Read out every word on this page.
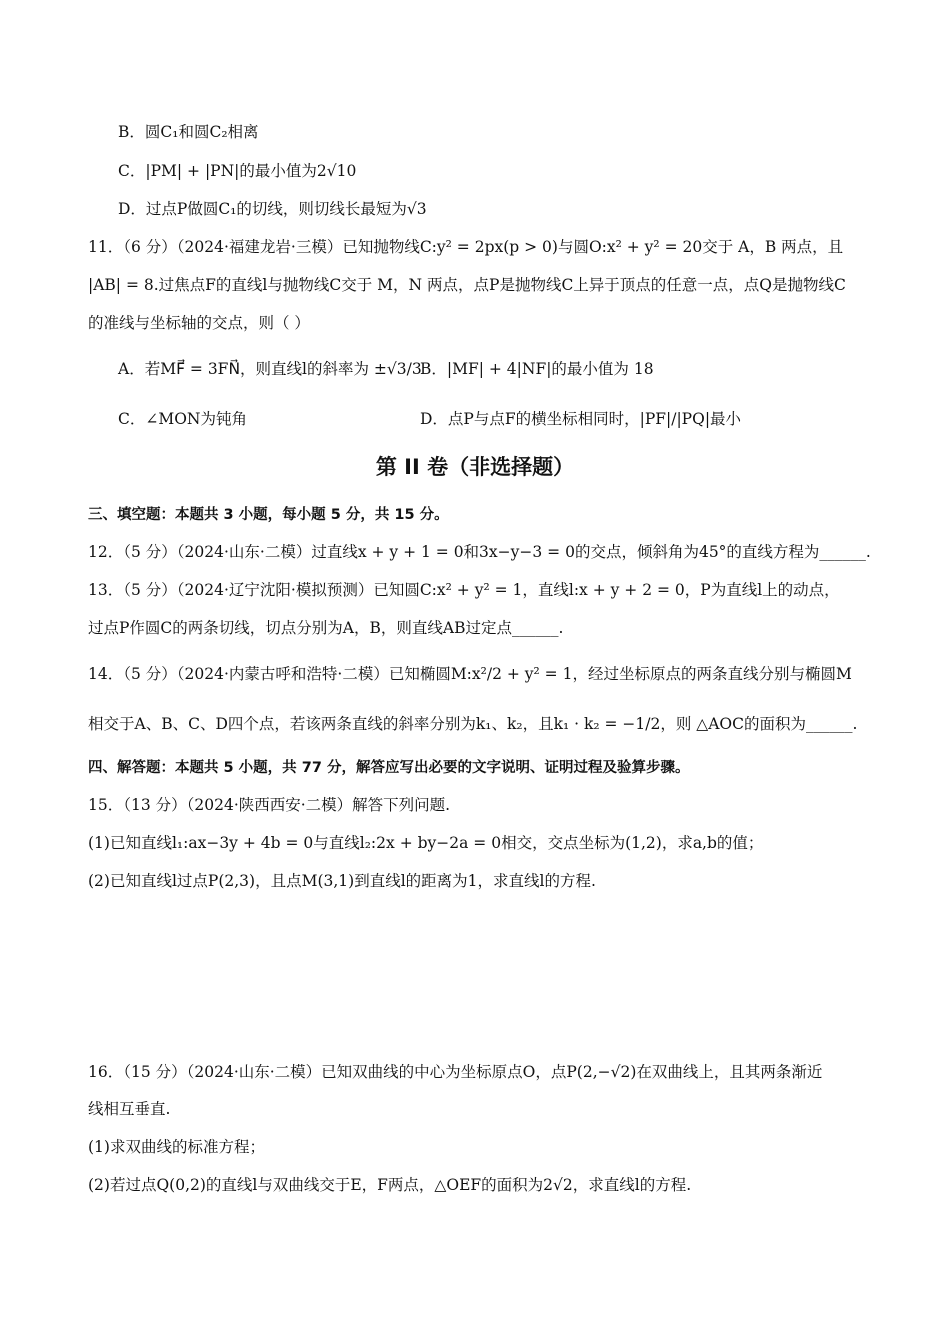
B．圆C₁和圆C₂相离
C．|PM| + |PN|的最小值为2√10
D．过点P做圆C₁的切线，则切线长最短为√3
11．（6 分）（2024·福建龙岩·三模）已知抛物线C:y² = 2px(p > 0)与圆O:x² + y² = 20交于 A，B 两点，且
|AB| = 8.过焦点F的直线l与抛物线C交于 M，N 两点，点P是抛物线C上异于顶点的任意一点，点Q是抛物线C
的准线与坐标轴的交点，则（ ）
A．若MF⃗ = 3FN⃗，则直线l的斜率为 ±√3/3
B．|MF| + 4|NF|的最小值为 18
C．∠MON为钝角	D．点P与点F的横坐标相同时，|PF|/|PQ|最小
第 II 卷（非选择题）
三、填空题：本题共 3 小题，每小题 5 分，共 15 分。
12．（5 分）（2024·山东·二模）过直线x + y + 1 = 0和3x−y−3 = 0的交点，倾斜角为45°的直线方程为______.
13．（5 分）（2024·辽宁沈阳·模拟预测）已知圆C:x² + y² = 1，直线l:x + y + 2 = 0，P为直线l上的动点，
过点P作圆C的两条切线，切点分别为A，B，则直线AB过定点______.
14．（5 分）（2024·内蒙古呼和浩特·二模）已知椭圆M:x²/2 + y² = 1，经过坐标原点的两条直线分别与椭圆M
相交于A、B、C、D四个点，若该两条直线的斜率分别为k₁、k₂，且k₁ · k₂ = −1/2，则 △AOC的面积为______.
四、解答题：本题共 5 小题，共 77 分，解答应写出必要的文字说明、证明过程及验算步骤。
15．（13 分）（2024·陕西西安·二模）解答下列问题.
(1)已知直线l₁:ax−3y + 4b = 0与直线l₂:2x + by−2a = 0相交，交点坐标为(1,2)，求a,b的值；
(2)已知直线l过点P(2,3)，且点M(3,1)到直线l的距离为1，求直线l的方程.
16．（15 分）（2024·山东·二模）已知双曲线的中心为坐标原点O，点P(2,−√2)在双曲线上，且其两条渐近
线相互垂直.
(1)求双曲线的标准方程；
(2)若过点Q(0,2)的直线l与双曲线交于E，F两点，△OEF的面积为2√2，求直线l的方程.
